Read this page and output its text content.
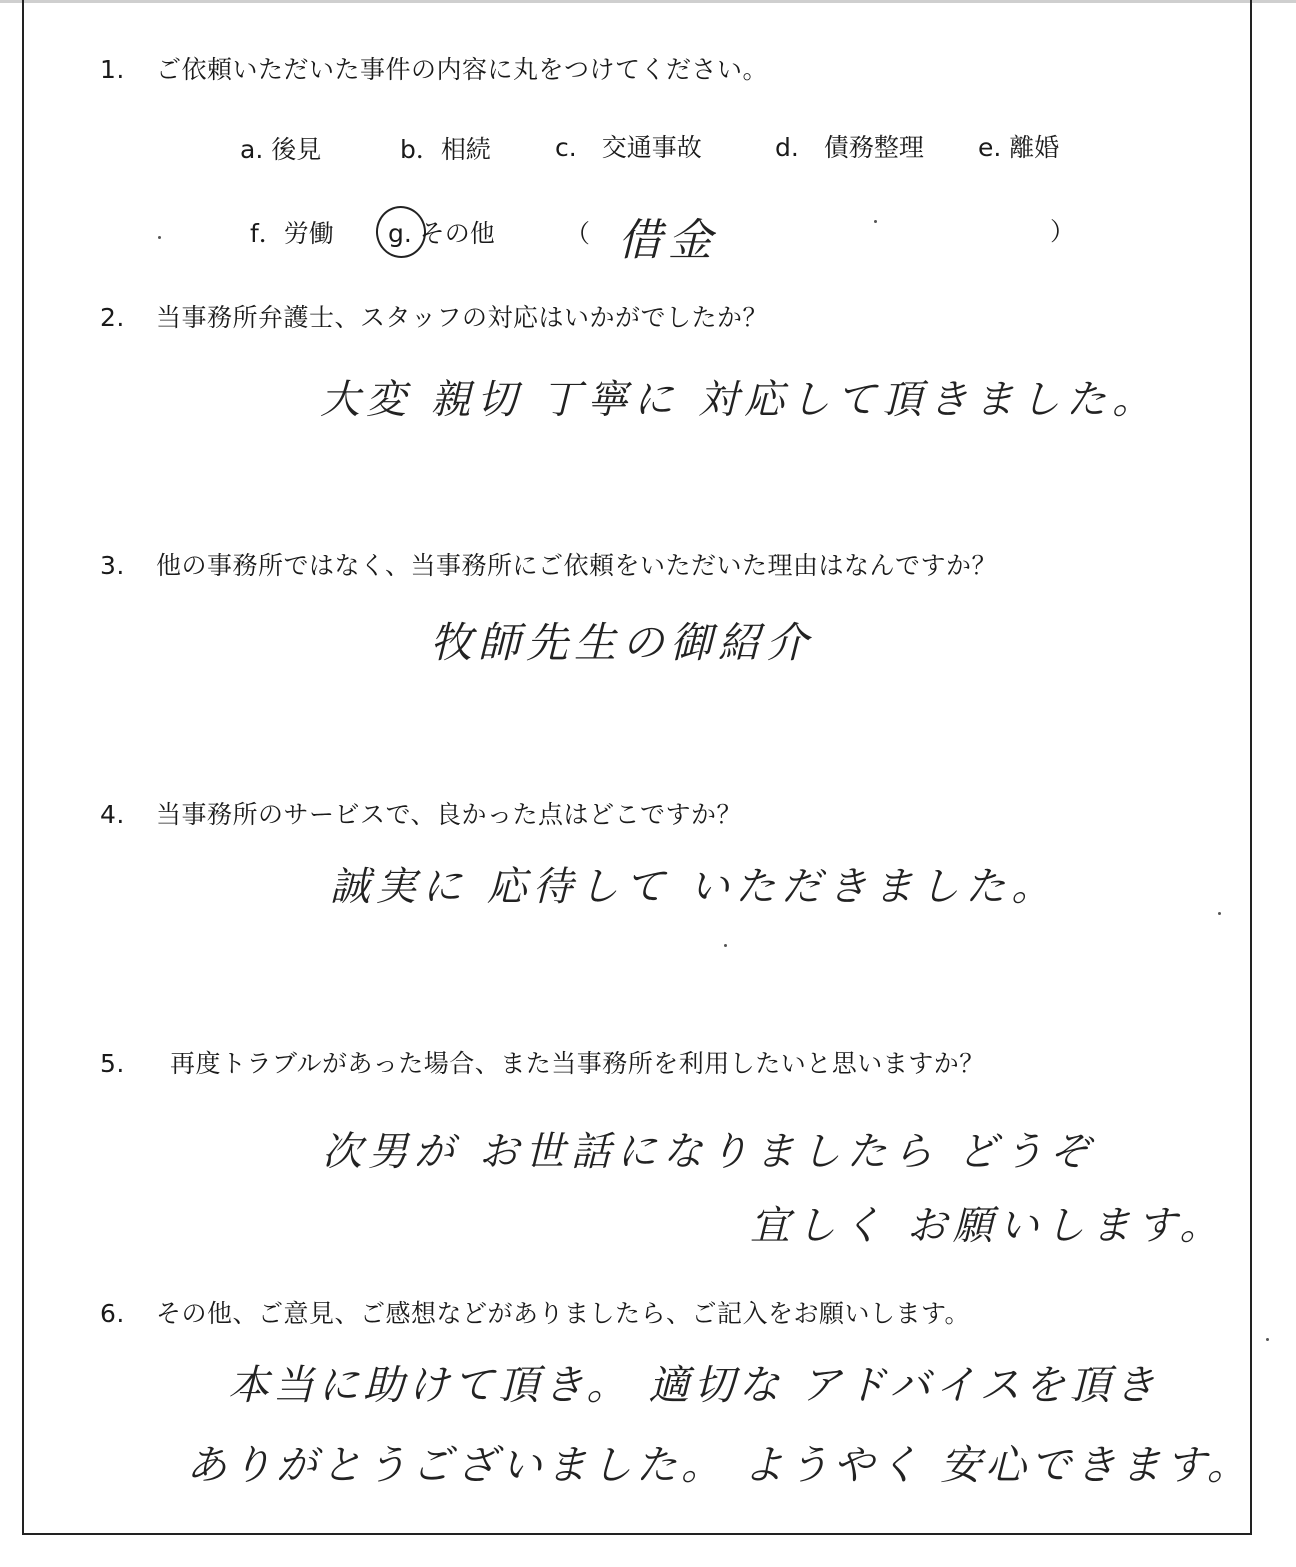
1. ご依頼いただいた事件の内容に丸をつけてください。
a. 後見	b．相続	c.　交通事故	d.　債務整理 e. 離婚
f．労働 g. その他	（ 借金	）
2. 当事務所弁護士、スタッフの対応はいかがでしたか？
大変 親切 丁寧に 対応して頂きました。
3. 他の事務所ではなく、当事務所にご依頼をいただいた理由はなんですか？
牧師先生の御紹介
4. 当事務所のサービスで、良かった点はどこですか？
誠実に 応待して いただきました。
5. 再度トラブルがあった場合、また当事務所を利用したいと思いますか？
次男が お世話になりましたら どうぞ
宜しく お願いします。
6. その他、ご意見、ご感想などがありましたら、ご記入をお願いします。
本当に助けて頂き。 適切な アドバイスを頂き
ありがとうございました。 ようやく 安心できます。
